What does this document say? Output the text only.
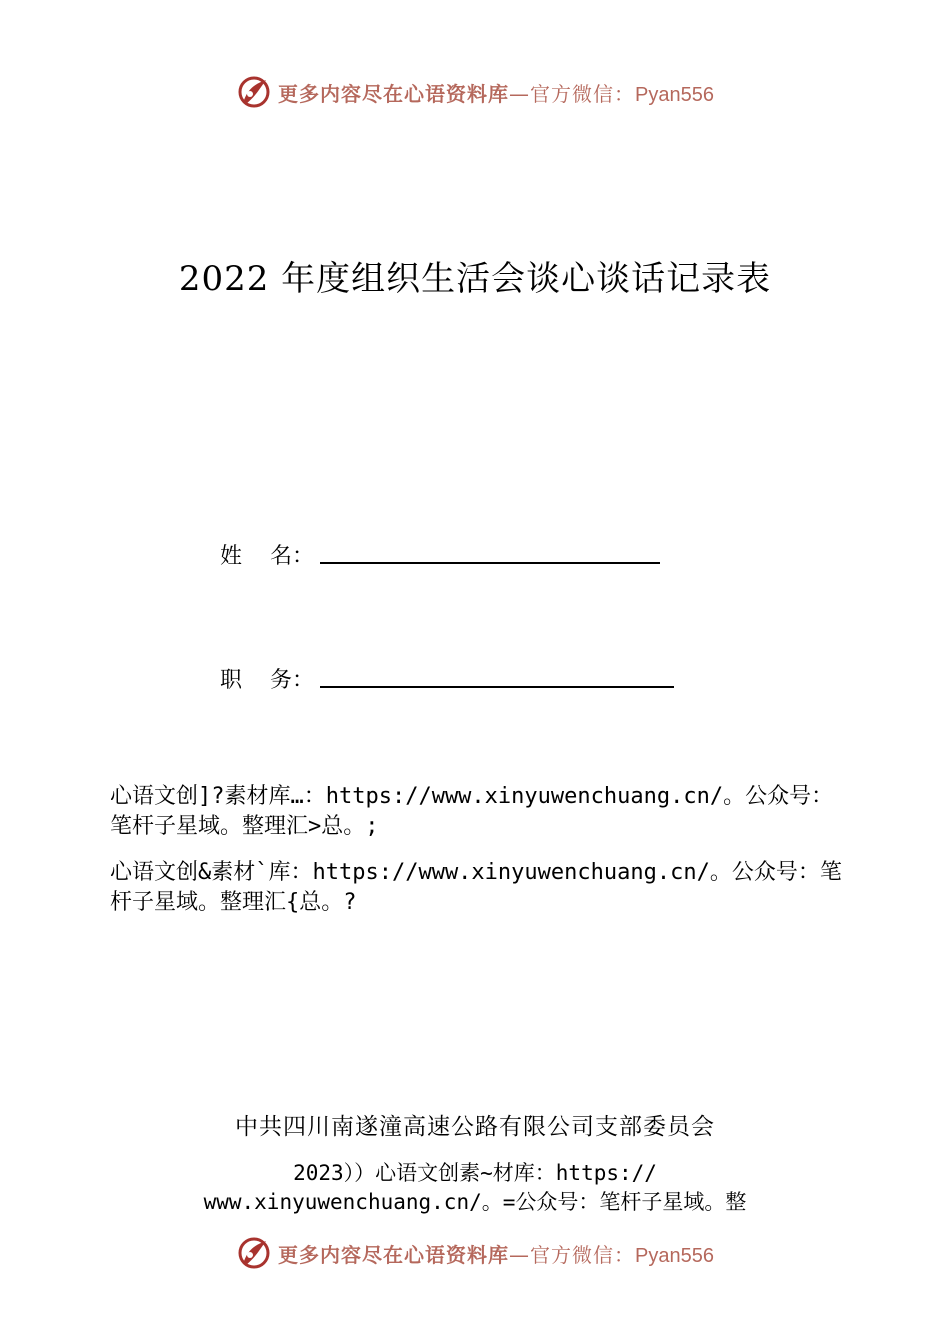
更多内容尽在心语资料库—官方微信：Pyan556
2022 年度组织生活会谈心谈话记录表
姓 名：
职 务：
心语文创]?素材库…：https://www.xinyuwenchuang.cn/。公众号：笔杆子星域。整理汇>总。;
心语文创&素材`库：https://www.xinyuwenchuang.cn/。公众号：笔杆子星域。整理汇{总。?
中共四川南遂潼高速公路有限公司支部委员会
2023））心语文创素~材库：https://
www.xinyuwenchuang.cn/。=公众号：笔杆子星域。整
更多内容尽在心语资料库—官方微信：Pyan556
